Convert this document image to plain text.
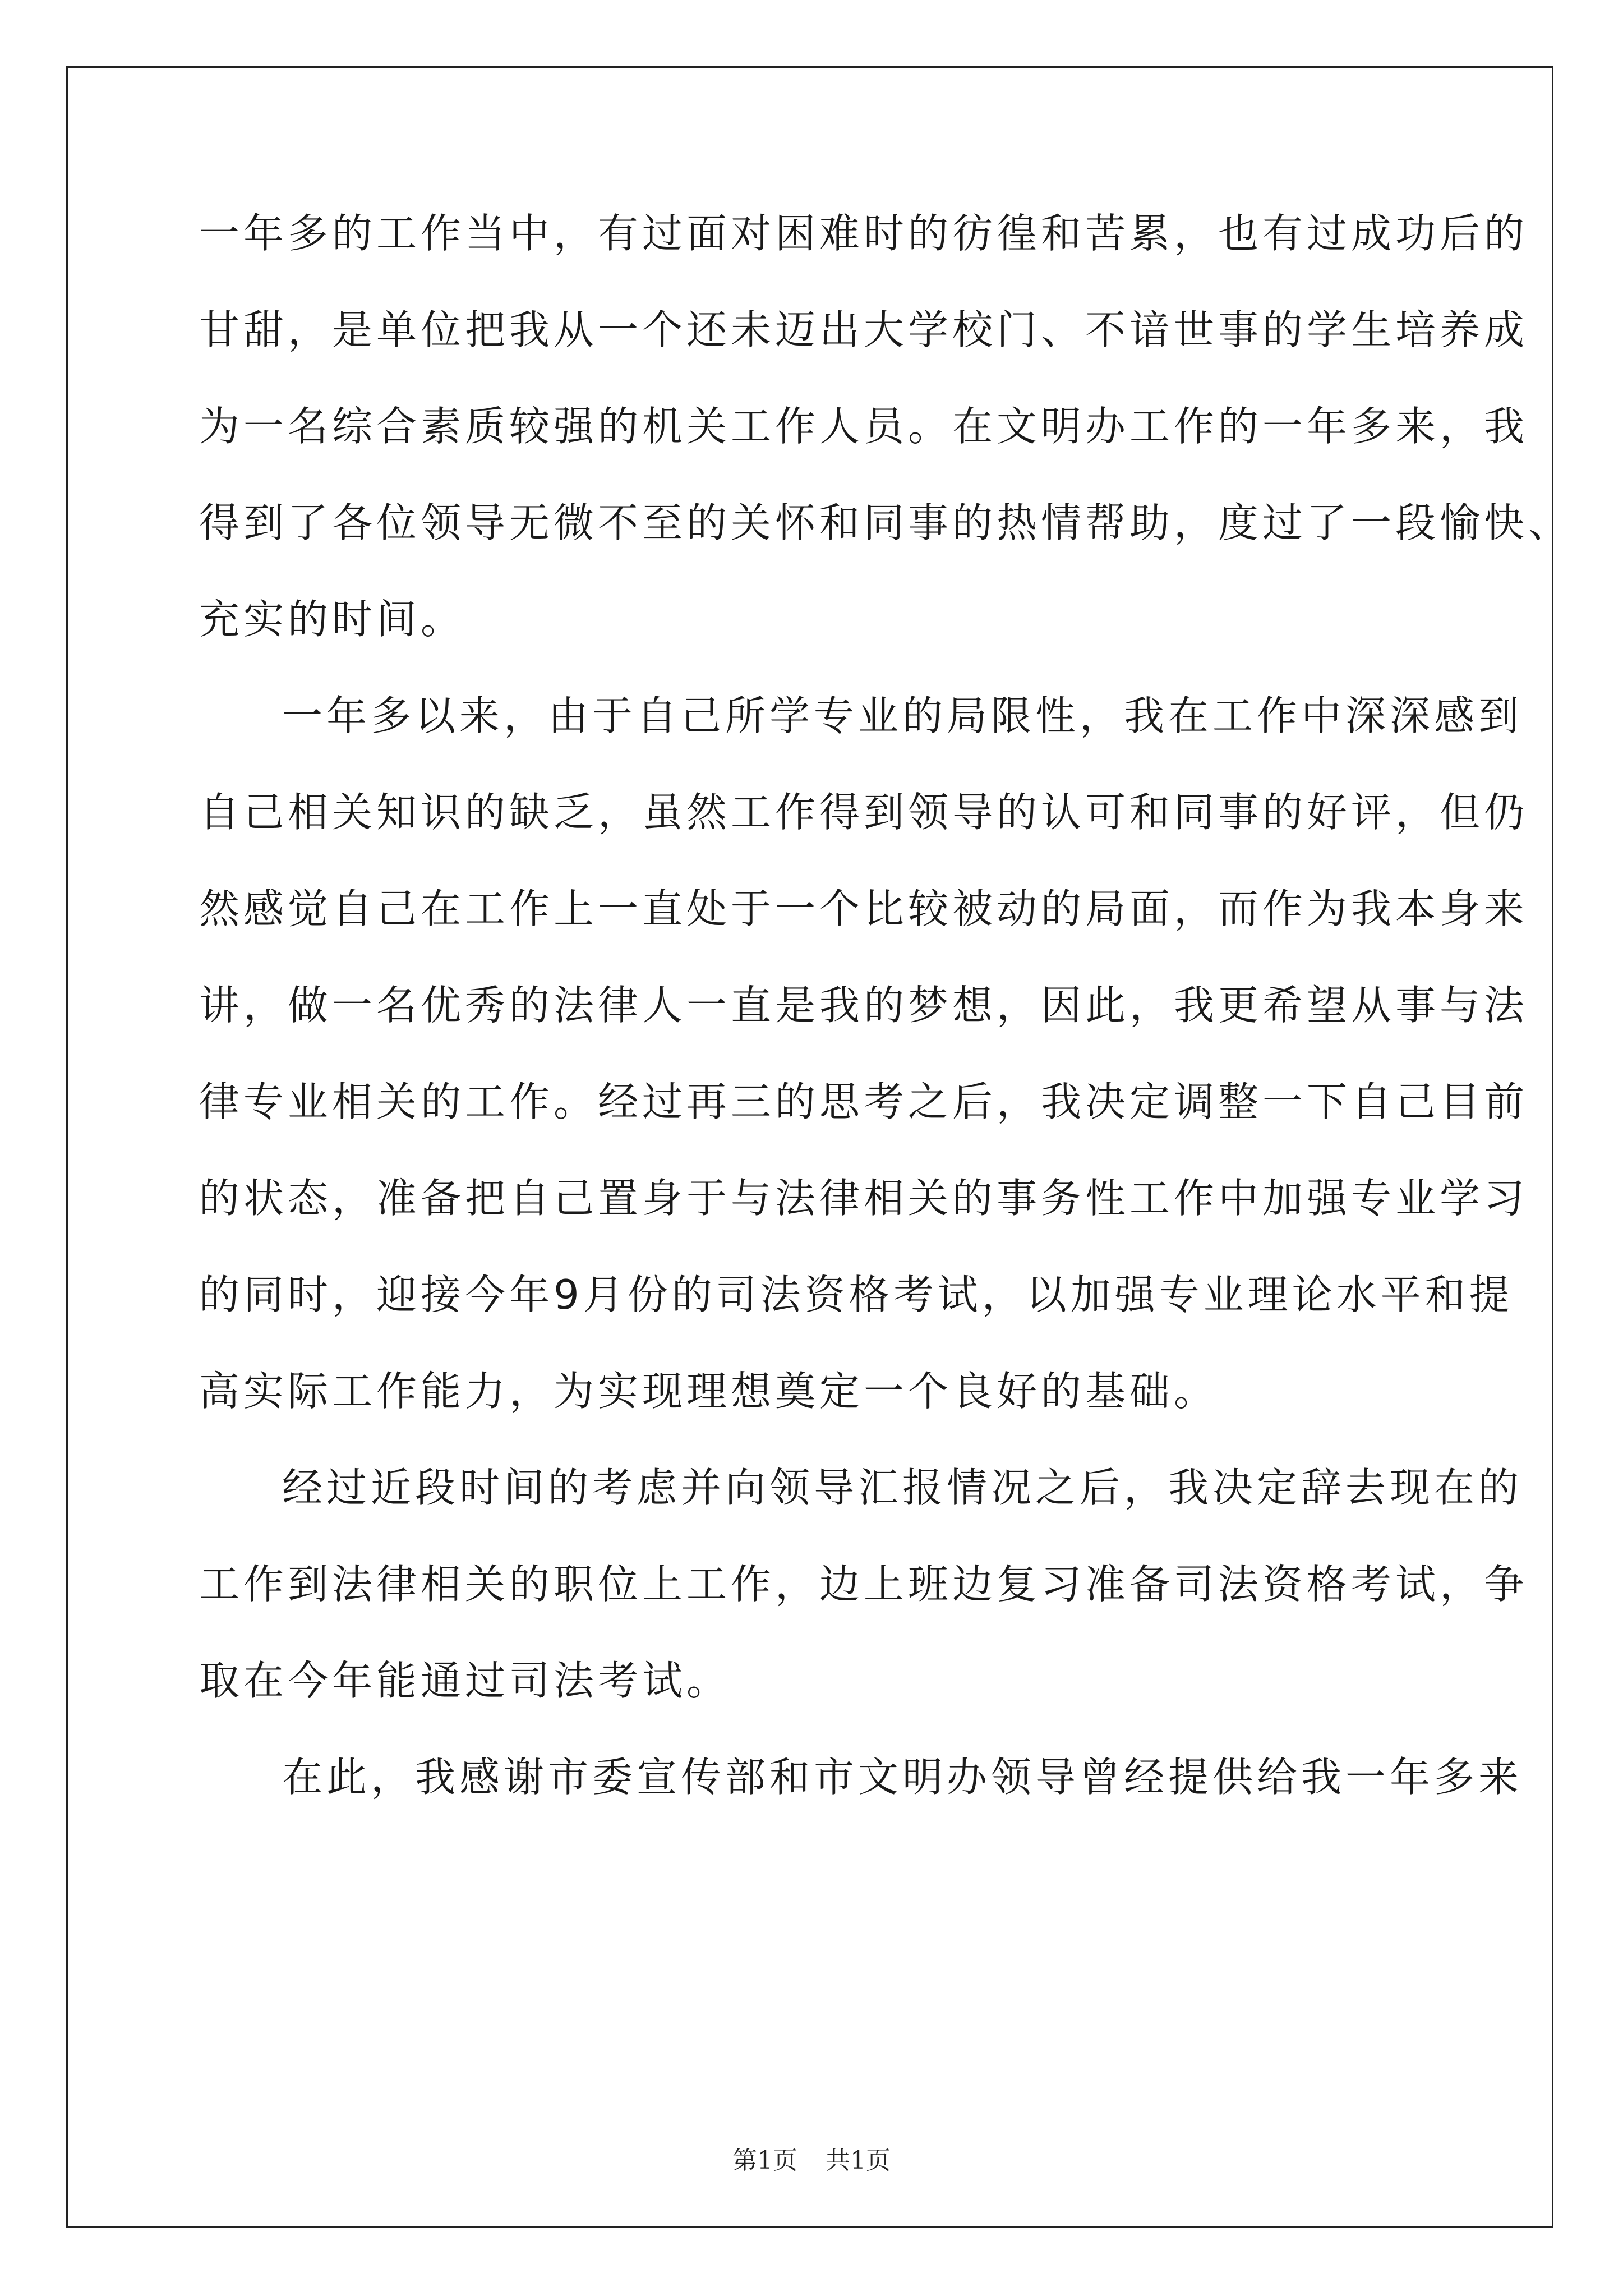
一年多的工作当中，有过面对困难时的彷徨和苦累，也有过成功后的
甘甜，是单位把我从一个还未迈出大学校门、不谙世事的学生培养成
为一名综合素质较强的机关工作人员。在文明办工作的一年多来，我
得到了各位领导无微不至的关怀和同事的热情帮助，度过了一段愉快、
充实的时间。
一年多以来，由于自己所学专业的局限性，我在工作中深深感到
自己相关知识的缺乏，虽然工作得到领导的认可和同事的好评，但仍
然感觉自己在工作上一直处于一个比较被动的局面，而作为我本身来
讲，做一名优秀的法律人一直是我的梦想，因此，我更希望从事与法
律专业相关的工作。经过再三的思考之后，我决定调整一下自己目前
的状态，准备把自己置身于与法律相关的事务性工作中加强专业学习
的同时，迎接今年9月份的司法资格考试，以加强专业理论水平和提
高实际工作能力，为实现理想奠定一个良好的基础。
经过近段时间的考虑并向领导汇报情况之后，我决定辞去现在的
工作到法律相关的职位上工作，边上班边复习准备司法资格考试，争
取在今年能通过司法考试。
在此，我感谢市委宣传部和市文明办领导曾经提供给我一年多来
第1页 共1页
